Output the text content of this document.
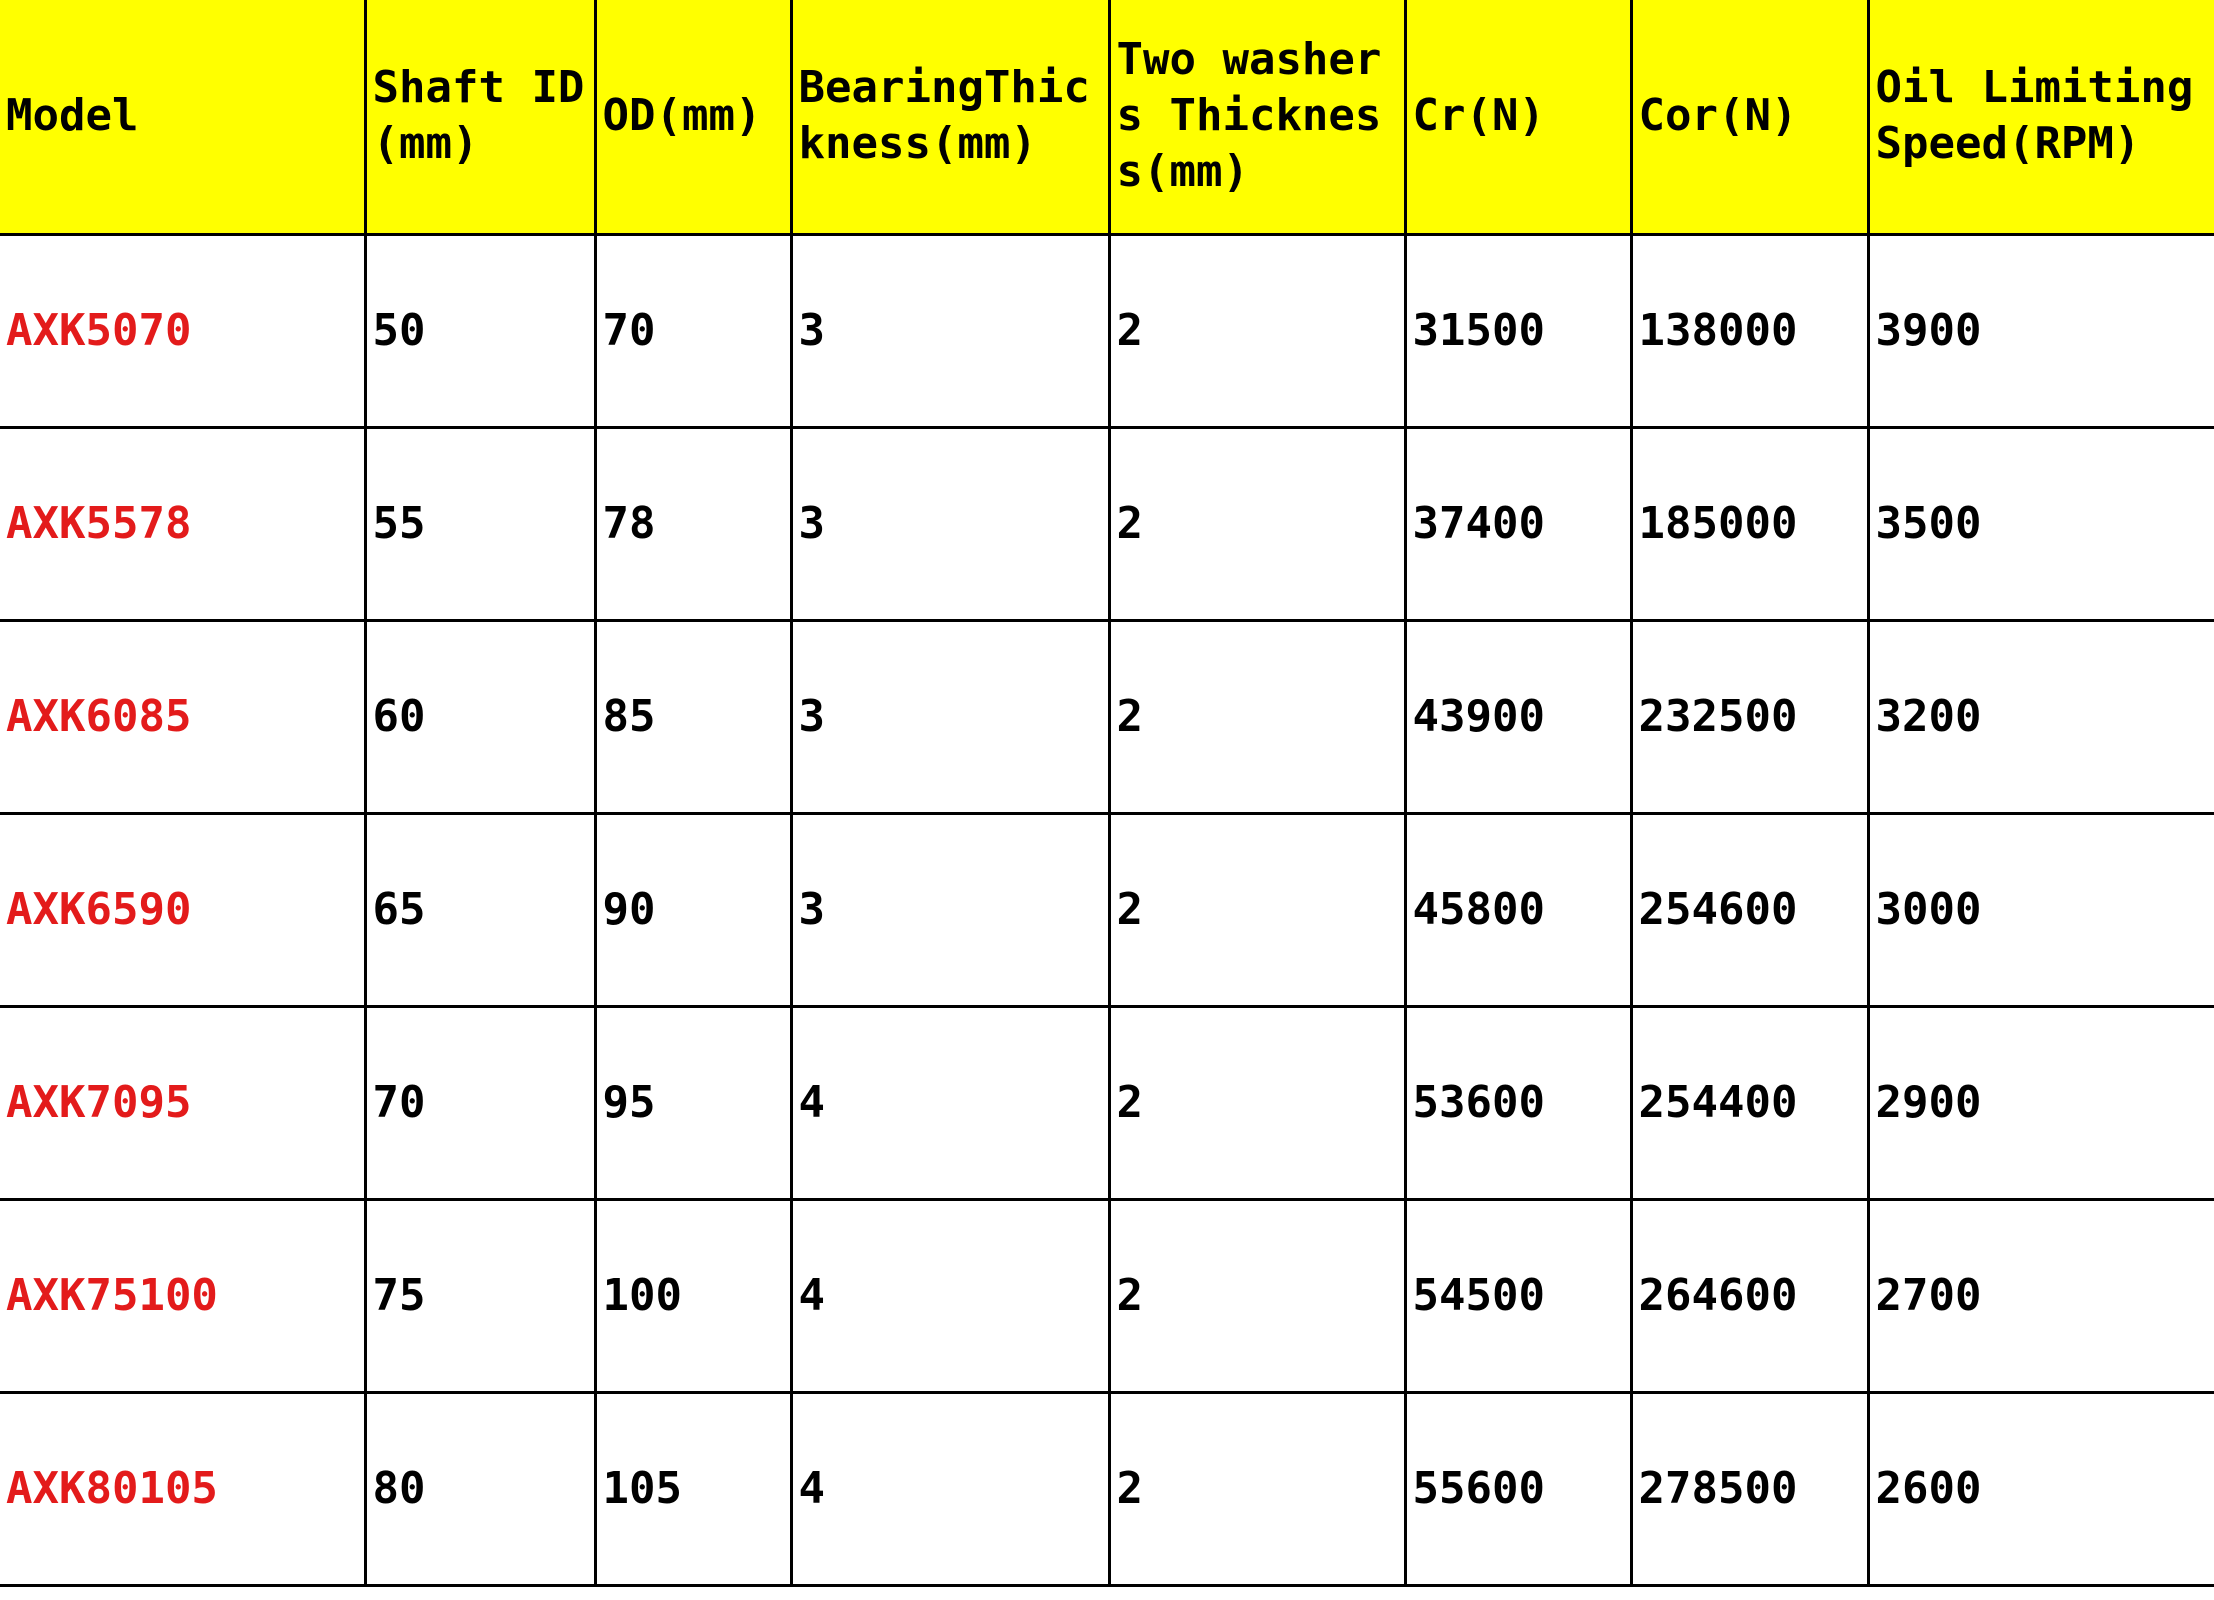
Model	Shaft ID(mm)	OD(mm)	BearingThickness(mm)	Two washers Thickness(mm)	Cr(N)	Cor(N)	Oil Limiting Speed(RPM)
AXK5070	50	70	3	2	31500	138000	3900
AXK5578	55	78	3	2	37400	185000	3500
AXK6085	60	85	3	2	43900	232500	3200
AXK6590	65	90	3	2	45800	254600	3000
AXK7095	70	95	4	2	53600	254400	2900
AXK75100	75	100	4	2	54500	264600	2700
AXK80105	80	105	4	2	55600	278500	2600
